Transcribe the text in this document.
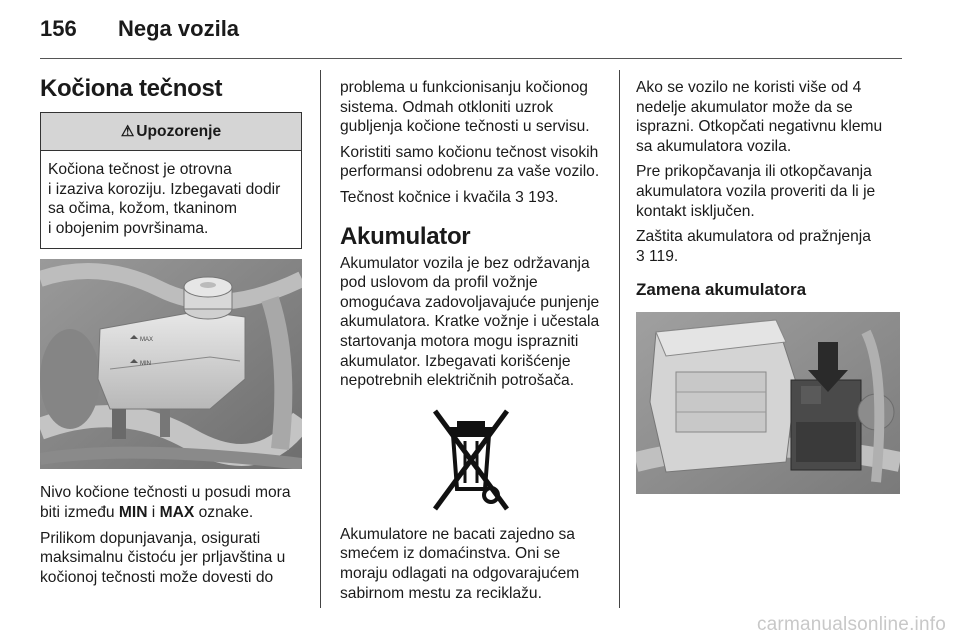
156 Nega vozila
Kočiona tečnost
⚠ Upozorenje
Kočiona tečnost je otrovna
i izaziva koroziju. Izbegavati dodir
sa očima, kožom, tkaninom
i obojenim površinama.
MAX
MIN

Nivo kočione tečnosti u posudi mora biti između MIN i MAX oznake.

Prilikom dopunjavanja, osigurati maksimalnu čistoću jer prljavština u kočionoj tečnosti može dovesti do

problema u funkcionisanju kočionog sistema. Odmah otkloniti uzrok gubljenja kočione tečnosti u servisu.

Koristiti samo kočionu tečnost visokih performansi odobrenu za vaše vozilo.

Tečnost kočnice i kvačila 3 193.

Akumulator

Akumulator vozila je bez održavanja pod uslovom da profil vožnje omogućava zadovoljavajuće punjenje akumulatora. Kratke vožnje i učestala startovanja motora mogu isprazniti akumulator. Izbegavati korišćenje nepotrebnih električnih potrošača.

Akumulatore ne bacati zajedno sa smećem iz domaćinstva. Oni se moraju odlagati na odgovarajućem sabirnom mestu za reciklažu.

Ako se vozilo ne koristi više od 4 nedelje akumulator može da se isprazni. Otkopčati negativnu klemu sa akumulatora vozila.

Pre prikopčavanja ili otkopčavanja akumulatora vozila proveriti da li je kontakt isključen.

Zaštita akumulatora od pražnjenja
3 119.

Zamena akumulatora
carmanualsonline.info
